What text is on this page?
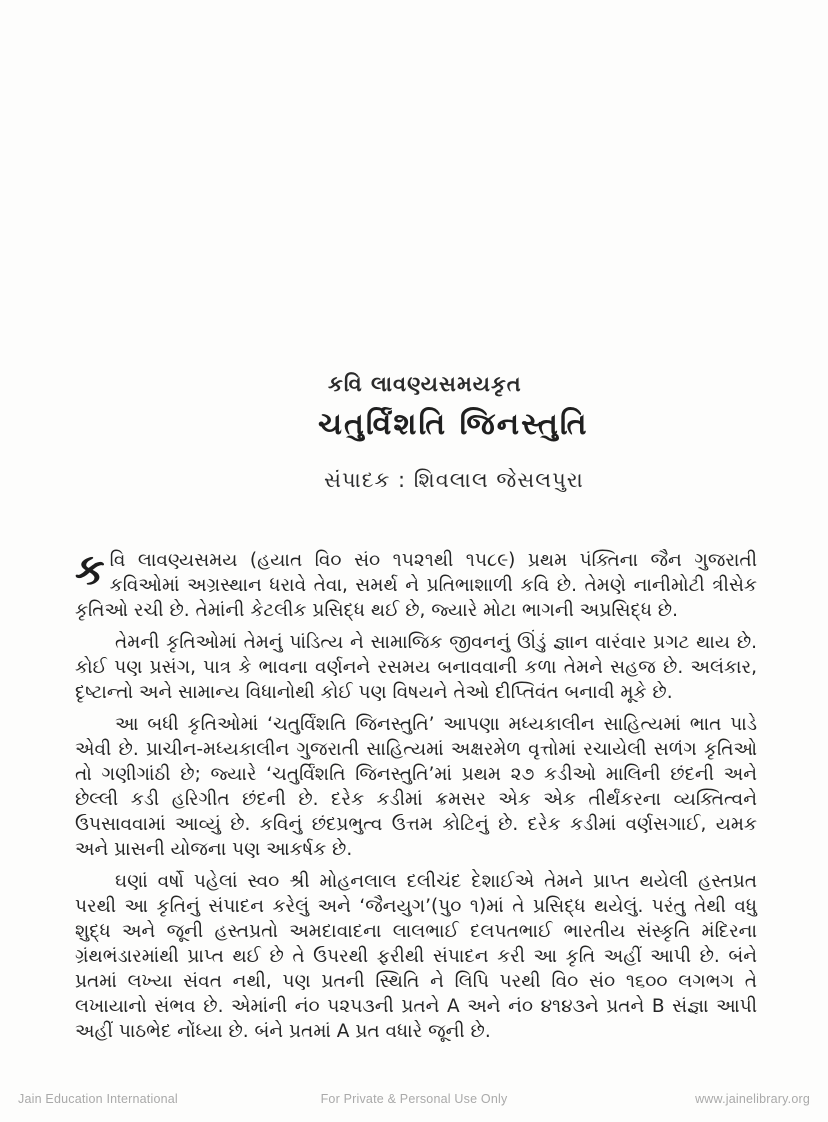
કવિ લાવણ્યસમયકૃત
ચતુર્વિંશતિ જિનસ્તુતિ
સંપાદક : શિવલાલ જેસલપુરા

કવિ લાવણ્યસમય (હયાત વિ૦ સં૦ ૧૫૨૧થી ૧૫૮૯) પ્રથમ પંક્તિના જૈન ગુજરાતી કવિઓમાં અગ્રસ્થાન ધરાવે તેવા, સમર્થ ને પ્રતિભાશાળી કવિ છે. તેમણે નાનીમોટી ત્રીસેક કૃતિઓ રચી છે. તેમાંની કેટલીક પ્રસિદ્ધ થઈ છે, જ્યારે મોટા ભાગની અપ્રસિદ્ધ છે.

તેમની કૃતિઓમાં તેમનું પાંડિત્ય ને સામાજિક જીવનનું ઊંડું જ્ઞાન વારંવાર પ્રગટ થાય છે. કોઈ પણ પ્રસંગ, પાત્ર કે ભાવના વર્ણનને રસમય બનાવવાની કળા તેમને સહજ છે. અલંકાર, દૃષ્ટાન્તો અને સામાન્ય વિધાનોથી કોઈ પણ વિષયને તેઓ દીપ્તિવંત બનાવી મૂકે છે.

આ બધી કૃતિઓમાં ‘ચતુર્વિંશતિ જિનસ્તુતિ’ આપણા મધ્યકાલીન સાહિત્યમાં ભાત પાડે એવી છે. પ્રાચીન-મધ્યકાલીન ગુજરાતી સાહિત્યમાં અક્ષરમેળ વૃત્તોમાં રચાયેલી સળંગ કૃતિઓ તો ગણીગાંઠી છે; જ્યારે ‘ચતુર્વિંશતિ જિનસ્તુતિ’માં પ્રથમ ૨૭ કડીઓ માલિની છંદની અને છેલ્લી કડી હરિગીત છંદની છે. દરેક કડીમાં ક્રમસર એક એક તીર્થંકરના વ્યક્તિત્વને ઉપસાવવામાં આવ્યું છે. કવિનું છંદપ્રભુત્વ ઉત્તમ કોટિનું છે. દરેક કડીમાં વર્ણસગાઈ, યમક અને પ્રાસની યોજના પણ આકર્ષક છે.

ઘણાં વર્ષો પહેલાં સ્વ૦ શ્રી મોહનલાલ દલીચંદ દેશાઈએ તેમને પ્રાપ્ત થયેલી હસ્તપ્રત પરથી આ કૃતિનું સંપાદન કરેલું અને ‘જૈનયુગ’(પુ૦ ૧)માં તે પ્રસિદ્ધ થયેલું. પરંતુ તેથી વધુ શુદ્ધ અને જૂની હસ્તપ્રતો અમદાવાદના લાલભાઈ દલપતભાઈ ભારતીય સંસ્કૃતિ મંદિરના ગ્રંથભંડારમાંથી પ્રાપ્ત થઈ છે તે ઉપરથી ફરીથી સંપાદન કરી આ કૃતિ અહીં આપી છે. બંને પ્રતમાં લખ્યા સંવત નથી, પણ પ્રતની સ્થિતિ ને લિપિ પરથી વિ૦ સં૦ ૧૬૦૦ લગભગ તે લખાયાનો સંભવ છે. એમાંની નં૦ ૫૨૫૩ની પ્રતને A અને નં૦ ૪૧૪૩ને પ્રતને B સંજ્ઞા આપી અહીં પાઠભેદ નોંધ્યા છે. બંને પ્રતમાં A પ્રત વધારે જૂની છે.

For Private & Personal Use Only
Jain Education International	www.jainelibrary.org
